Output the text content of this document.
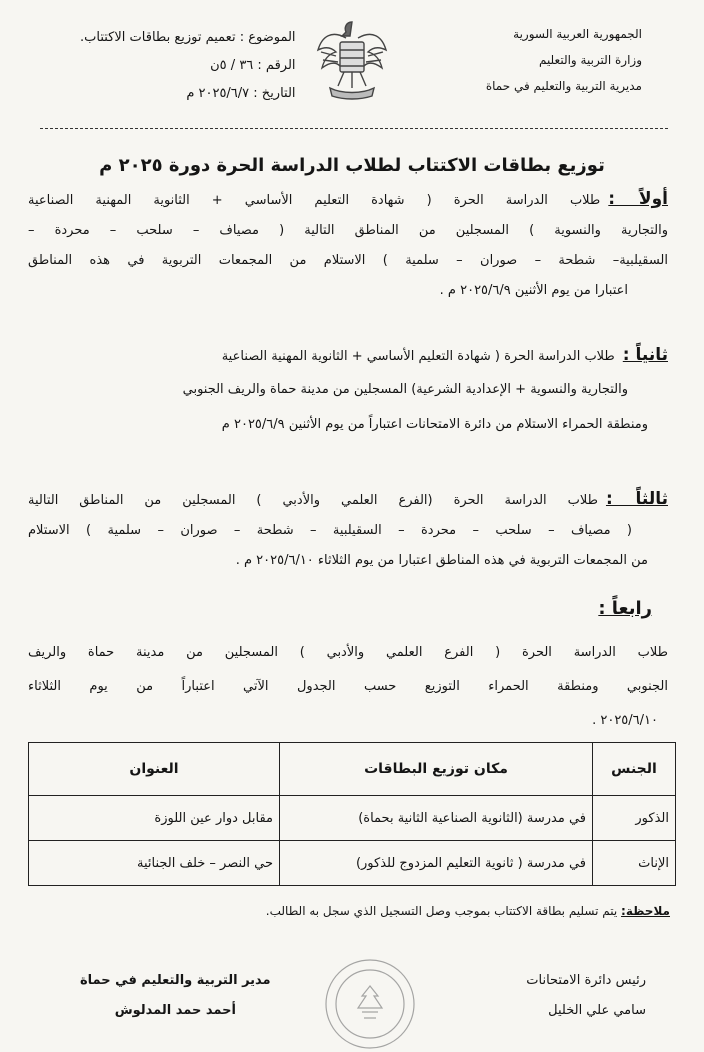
الجمهورية العربية السورية
وزارة التربية والتعليم
مديرية التربية والتعليم في حماة
الموضوع : تعميم توزيع بطاقات الاكتتاب.
الرقم : ٣٦ / ٥ن
التاريخ : ٢٠٢٥/٦/٧ م
توزيع بطاقات الاكتتاب لطلاب الدراسة الحرة دورة ٢٠٢٥ م
أولاً :طلاب الدراسة الحرة ( شهادة التعليم الأساسي + الثانوية المهنية الصناعية
والتجارية والنسوية ) المسجلين من المناطق التالية ( مصياف – سلحب – محردة –
السقيلبية– شطحة – صوران – سلمية ) الاستلام من المجمعات التربوية في هذه المناطق
اعتبارا من يوم الأثنين ٢٠٢٥/٦/٩ م .
ثانياً :طلاب الدراسة الحرة ( شهادة التعليم الأساسي + الثانوية المهنية الصناعية
والتجارية والنسوية + الإعدادية الشرعية) المسجلين من مدينة حماة والريف الجنوبي
ومنطقة الحمراء الاستلام من دائرة الامتحانات اعتباراً من يوم الأثنين ٢٠٢٥/٦/٩ م
ثالثاً :طلاب الدراسة الحرة (الفرع العلمي والأدبي ) المسجلين من المناطق التالية
( مصياف – سلحب – محردة – السقيلبية – شطحة – صوران – سلمية ) الاستلام
من المجمعات التربوية في هذه المناطق اعتبارا من يوم الثلاثاء ٢٠٢٥/٦/١٠ م .
رابعاً :
طلاب الدراسة الحرة ( الفرع العلمي والأدبي ) المسجلين من مدينة حماة والريف
الجنوبي ومنطقة الحمراء التوزيع حسب الجدول الآتي اعتباراً من يوم الثلاثاء
٢٠٢٥/٦/١٠ .
الجنس	مكان توزيع البطاقات	العنوان
الذكور	في مدرسة (الثانوية الصناعية الثانية بحماة)	مقابل دوار عين اللوزة
الإناث	في مدرسة ( ثانوية التعليم المزدوج للذكور)	حي النصر – خلف الجنائية
ملاحظة: يتم تسليم بطاقة الاكتتاب بموجب وصل التسجيل الذي سجل به الطالب.
رئيس دائرة الامتحانات
سامي علي الخليل
مدير التربية والتعليم في حماة
أحمد حمد المدلوش
